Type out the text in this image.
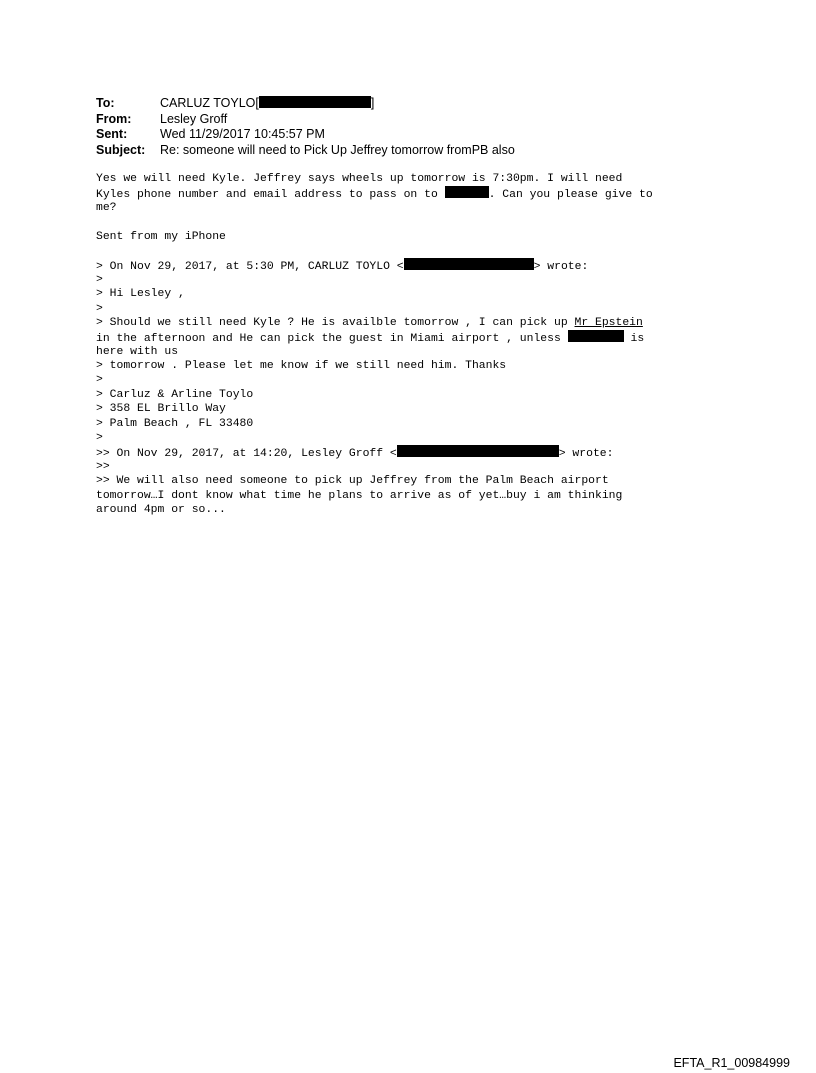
To:	CARLUZ TOYLO[	]
From:	Lesley Groff
Sent:	Wed 11/29/2017 10:45:57 PM
Subject:	Re: someone will need to Pick Up Jeffrey tomorrow fromPB also
Yes we will need Kyle. Jeffrey says wheels up tomorrow is 7:30pm. I will need
Kyles phone number and email address to pass on to	. Can you please give to
me?
Sent from my iPhone
> On Nov 29, 2017, at 5:30 PM, CARLUZ TOYLO <	> wrote:
>
> Hi Lesley ,
>
> Should we still need Kyle ? He is availble tomorrow , I can pick up Mr Epstein
in the afternoon and He can pick the guest in Miami airport , unless	is
here with us
> tomorrow . Please let me know if we still need him. Thanks
>
> Carluz & Arline Toylo
> 358 EL Brillo Way
> Palm Beach , FL 33480
>
>> On Nov 29, 2017, at 14:20, Lesley Groff <	> wrote:
>>
>> We will also need someone to pick up Jeffrey from the Palm Beach airport
tomorrow…I dont know what time he plans to arrive as of yet…buy i am thinking
around 4pm or so...
EFTA_R1_00984999
